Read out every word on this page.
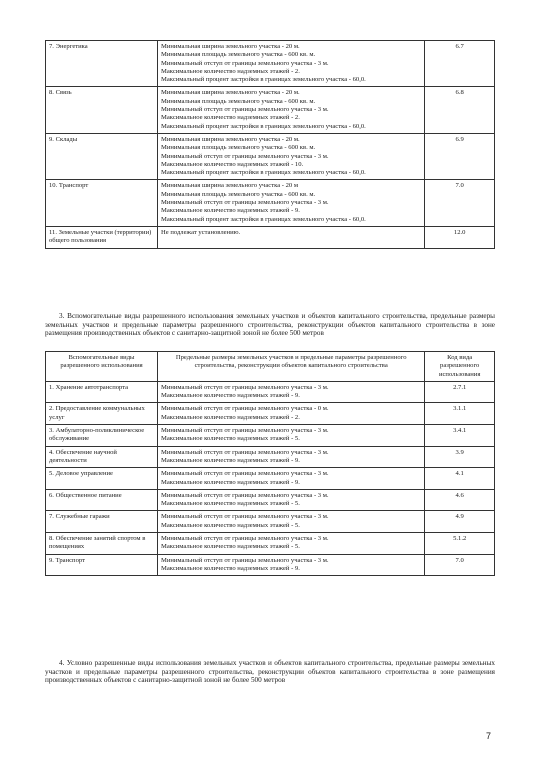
7. Энергетика	Минимальная ширина земельного участка - 20 м.
Минимальная площадь земельного участка - 600 кв. м.
Минимальный отступ от границы земельного участка - 3 м.
Максимальное количество надземных этажей - 2.
Максимальный процент застройки в границах земельного участка - 60,0.	6.7
8. Связь	Минимальная ширина земельного участка - 20 м.
Минимальная площадь земельного участка - 600 кв. м.
Минимальный отступ от границы земельного участка - 3 м.
Максимальное количество надземных этажей - 2.
Максимальный процент застройки в границах земельного участка - 60,0.	6.8
9. Склады	Минимальная ширина земельного участка - 20 м.
Минимальная площадь земельного участка - 600 кв. м.
Минимальный отступ от границы земельного участка - 3 м.
Максимальное количество надземных этажей - 10.
Максимальный процент застройки в границах земельного участка - 60,0.	6.9
10. Транспорт	Минимальная ширина земельного участка - 20 м
Минимальная площадь земельного участка - 600 кв. м.
Минимальный отступ от границы земельного участка - 3 м.
Максимальное количество надземных этажей - 9.
Максимальный процент застройки в границах земельного участка - 60,0.	7.0
11. Земельные участки (территории) общего пользования	Не подлежат установлению.	12.0
3. Вспомогательные виды разрешенного использования земельных участков и объектов капитального строительства, предельные размеры земельных участков и предельные параметры разрешенного строительства, реконструкции объектов капитального строительства в зоне размещения производственных объектов с санитарно-защитной зоной не более 500 метров
Вспомогательные виды разрешенного использования	Предельные размеры земельных участков и предельные параметры разрешенного строительства, реконструкции объектов капитального строительства	Код вида разрешенного использования
1. Хранение автотранспорта	Минимальный отступ от границы земельного участка - 3 м.
Максимальное количество надземных этажей - 9.	2.7.1
2. Предоставление коммунальных услуг	Минимальный отступ от границы земельного участка - 0 м.
Максимальное количество надземных этажей - 2.	3.1.1
3. Амбулаторно-поликлиническое обслуживание	Минимальный отступ от границы земельного участка - 3 м.
Максимальное количество надземных этажей - 5.	3.4.1
4. Обеспечение научной деятельности	Минимальный отступ от границы земельного участка - 3 м.
Максимальное количество надземных этажей - 9.	3.9
5. Деловое управление	Минимальный отступ от границы земельного участка - 3 м.
Максимальное количество надземных этажей - 9.	4.1
6. Общественное питание	Минимальный отступ от границы земельного участка - 3 м.
Максимальное количество надземных этажей - 5.	4.6
7. Служебные гаражи	Минимальный отступ от границы земельного участка - 3 м.
Максимальное количество надземных этажей - 5.	4.9
8. Обеспечение занятий спортом в помещениях	Минимальный отступ от границы земельного участка - 3 м.
Максимальное количество надземных этажей - 5.	5.1.2
9. Транспорт	Минимальный отступ от границы земельного участка - 3 м.
Максимальное количество надземных этажей - 9.	7.0
4. Условно разрешенные виды использования земельных участков и объектов капитального строительства, предельные размеры земельных участков и предельные параметры разрешенного строительства, реконструкции объектов капитального строительства в зоне размещения производственных объектов с санитарно-защитной зоной не более 500 метров
7
